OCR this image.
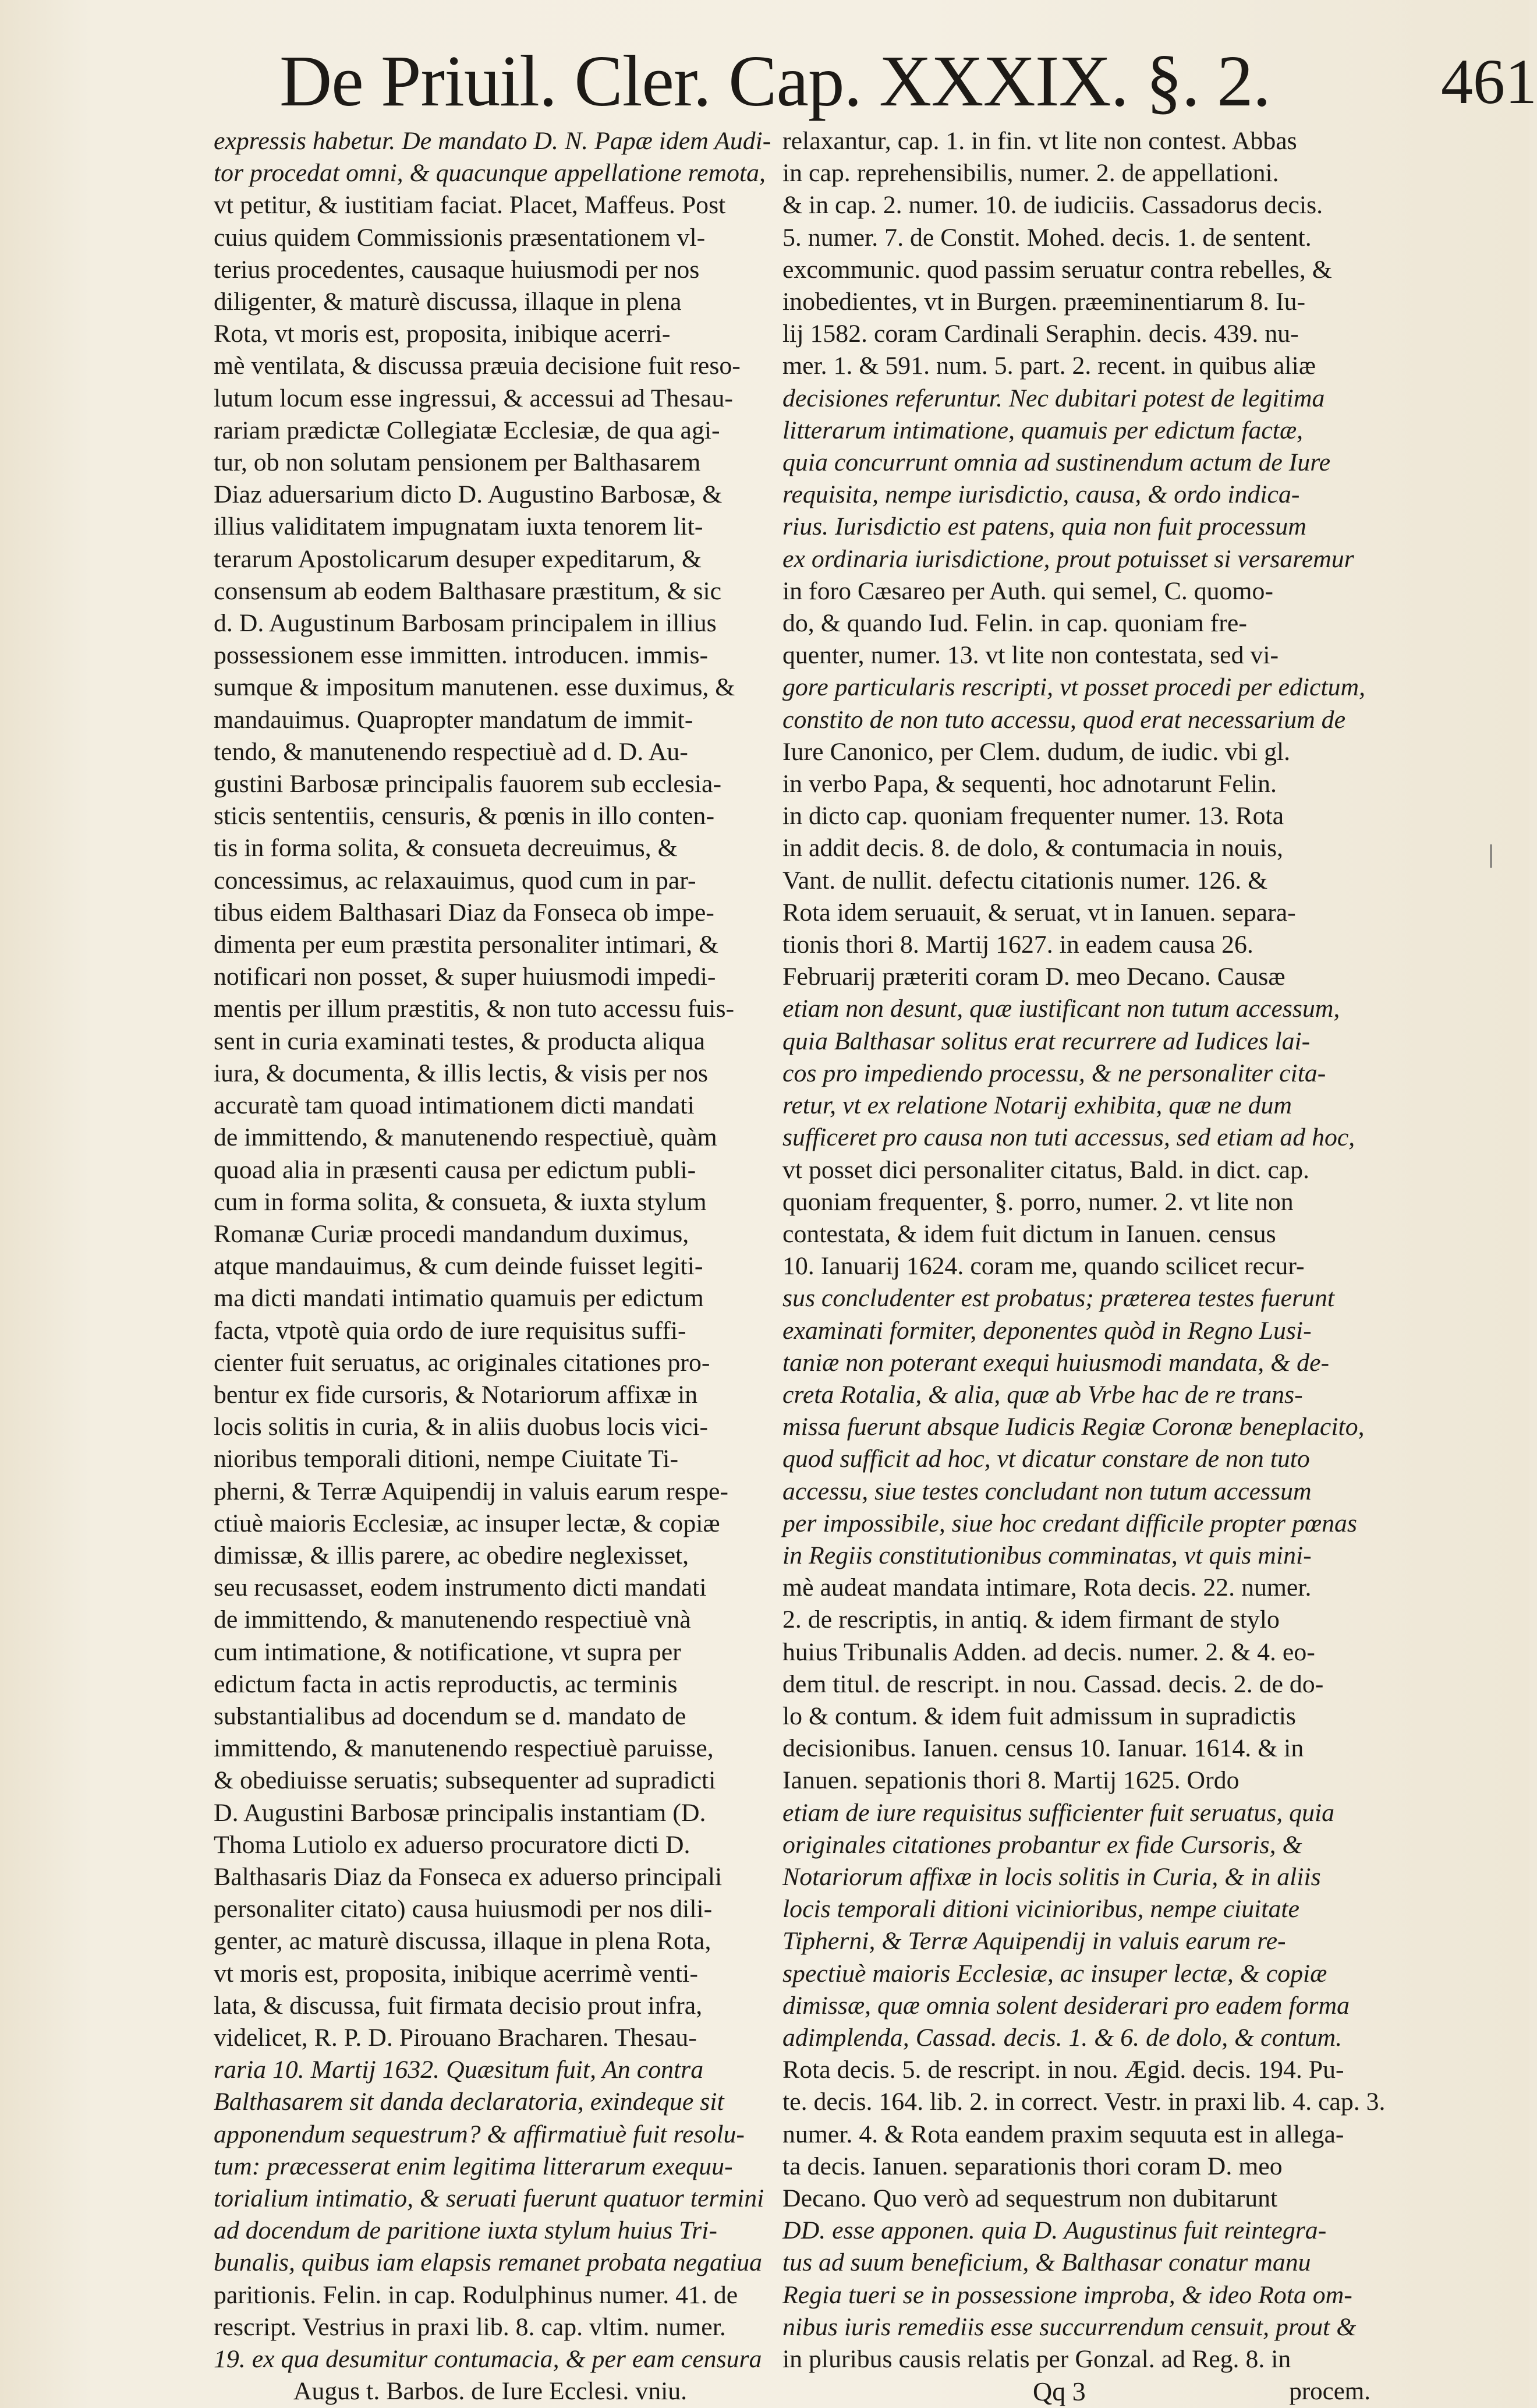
De Priuil. Cler. Cap. XXXIX. §. 2.	461
expressis habetur. De mandato D. N. Papæ idem Audi-
tor procedat omni, & quacunque appellatione remota,
vt petitur, & iustitiam faciat. Placet, Maffeus. Post
cuius quidem Commissionis præsentationem vl-
terius procedentes, causaque huiusmodi per nos
diligenter, & maturè discussa, illaque in plena
Rota, vt moris est, proposita, inibique acerri-
mè ventilata, & discussa præuia decisione fuit reso-
lutum locum esse ingressui, & accessui ad Thesau-
rariam prædictæ Collegiatæ Ecclesiæ, de qua agi-
tur, ob non solutam pensionem per Balthasarem
Diaz aduersarium dicto D. Augustino Barbosæ, &
illius validitatem impugnatam iuxta tenorem lit-
terarum Apostolicarum desuper expeditarum, &
consensum ab eodem Balthasare præstitum, & sic
d. D. Augustinum Barbosam principalem in illius
possessionem esse immitten. introducen. immis-
sumque & impositum manutenen. esse duximus, &
mandauimus. Quapropter mandatum de immit-
tendo, & manutenendo respectiuè ad d. D. Au-
gustini Barbosæ principalis fauorem sub ecclesia-
sticis sententiis, censuris, & pœnis in illo conten-
tis in forma solita, & consueta decreuimus, &
concessimus, ac relaxauimus, quod cum in par-
tibus eidem Balthasari Diaz da Fonseca ob impe-
dimenta per eum præstita personaliter intimari, &
notificari non posset, & super huiusmodi impedi-
mentis per illum præstitis, & non tuto accessu fuis-
sent in curia examinati testes, & producta aliqua
iura, & documenta, & illis lectis, & visis per nos
accuratè tam quoad intimationem dicti mandati
de immittendo, & manutenendo respectiuè, quàm
quoad alia in præsenti causa per edictum publi-
cum in forma solita, & consueta, & iuxta stylum
Romanæ Curiæ procedi mandandum duximus,
atque mandauimus, & cum deinde fuisset legiti-
ma dicti mandati intimatio quamuis per edictum
facta, vtpotè quia ordo de iure requisitus suffi-
cienter fuit seruatus, ac originales citationes pro-
bentur ex fide cursoris, & Notariorum affixæ in
locis solitis in curia, & in aliis duobus locis vici-
nioribus temporali ditioni, nempe Ciuitate Ti-
pherni, & Terræ Aquipendij in valuis earum respe-
ctiuè maioris Ecclesiæ, ac insuper lectæ, & copiæ
dimissæ, & illis parere, ac obedire neglexisset,
seu recusasset, eodem instrumento dicti mandati
de immittendo, & manutenendo respectiuè vnà
cum intimatione, & notificatione, vt supra per
edictum facta in actis reproductis, ac terminis
substantialibus ad docendum se d. mandato de
immittendo, & manutenendo respectiuè paruisse,
& obediuisse seruatis; subsequenter ad supradicti
D. Augustini Barbosæ principalis instantiam (D.
Thoma Lutiolo ex aduerso procuratore dicti D.
Balthasaris Diaz da Fonseca ex aduerso principali
personaliter citato) causa huiusmodi per nos dili-
genter, ac maturè discussa, illaque in plena Rota,
vt moris est, proposita, inibique acerrimè venti-
lata, & discussa, fuit firmata decisio prout infra,
videlicet, R. P. D. Pirouano Bracharen. Thesau-
raria 10. Martij 1632. Quæsitum fuit, An contra
Balthasarem sit danda declaratoria, exindeque sit
apponendum sequestrum? & affirmatiuè fuit resolu-
tum: præcesserat enim legitima litterarum exequu-
torialium intimatio, & seruati fuerunt quatuor termini
ad docendum de paritione iuxta stylum huius Tri-
bunalis, quibus iam elapsis remanet probata negatiua
paritionis. Felin. in cap. Rodulphinus numer. 41. de
rescript. Vestrius in praxi lib. 8. cap. vltim. numer.
19. ex qua desumitur contumacia, & per eam censura
Augus t. Barbos. de Iure Ecclesi. vniu.
relaxantur, cap. 1. in fin. vt lite non contest. Abbas
in cap. reprehensibilis, numer. 2. de appellationi.
& in cap. 2. numer. 10. de iudiciis. Cassadorus decis.
5. numer. 7. de Constit. Mohed. decis. 1. de sentent.
excommunic. quod passim seruatur contra rebelles, &
inobedientes, vt in Burgen. præeminentiarum 8. Iu-
lij 1582. coram Cardinali Seraphin. decis. 439. nu-
mer. 1. & 591. num. 5. part. 2. recent. in quibus aliæ
decisiones referuntur. Nec dubitari potest de legitima
litterarum intimatione, quamuis per edictum factæ,
quia concurrunt omnia ad sustinendum actum de Iure
requisita, nempe iurisdictio, causa, & ordo indica-
rius. Iurisdictio est patens, quia non fuit processum
ex ordinaria iurisdictione, prout potuisset si versaremur
in foro Cæsareo per Auth. qui semel, C. quomo-
do, & quando Iud. Felin. in cap. quoniam fre-
quenter, numer. 13. vt lite non contestata, sed vi-
gore particularis rescripti, vt posset procedi per edictum,
constito de non tuto accessu, quod erat necessarium de
Iure Canonico, per Clem. dudum, de iudic. vbi gl.
in verbo Papa, & sequenti, hoc adnotarunt Felin.
in dicto cap. quoniam frequenter numer. 13. Rota
in addit decis. 8. de dolo, & contumacia in nouis,
Vant. de nullit. defectu citationis numer. 126. &
Rota idem seruauit, & seruat, vt in Ianuen. separa-
tionis thori 8. Martij 1627. in eadem causa 26.
Februarij præteriti coram D. meo Decano. Causæ
etiam non desunt, quæ iustificant non tutum accessum,
quia Balthasar solitus erat recurrere ad Iudices lai-
cos pro impediendo processu, & ne personaliter cita-
retur, vt ex relatione Notarij exhibita, quæ ne dum
sufficeret pro causa non tuti accessus, sed etiam ad hoc,
vt posset dici personaliter citatus, Bald. in dict. cap.
quoniam frequenter, §. porro, numer. 2. vt lite non
contestata, & idem fuit dictum in Ianuen. census
10. Ianuarij 1624. coram me, quando scilicet recur-
sus concludenter est probatus; præterea testes fuerunt
examinati formiter, deponentes quòd in Regno Lusi-
taniæ non poterant exequi huiusmodi mandata, & de-
creta Rotalia, & alia, quæ ab Vrbe hac de re trans-
missa fuerunt absque Iudicis Regiæ Coronæ beneplacito,
quod sufficit ad hoc, vt dicatur constare de non tuto
accessu, siue testes concludant non tutum accessum
per impossibile, siue hoc credant difficile propter pœnas
in Regiis constitutionibus comminatas, vt quis mini-
mè audeat mandata intimare, Rota decis. 22. numer.
2. de rescriptis, in antiq. & idem firmant de stylo
huius Tribunalis Adden. ad decis. numer. 2. & 4. eo-
dem titul. de rescript. in nou. Cassad. decis. 2. de do-
lo & contum. & idem fuit admissum in supradictis
decisionibus. Ianuen. census 10. Ianuar. 1614. & in
Ianuen. sepationis thori 8. Martij 1625. Ordo
etiam de iure requisitus sufficienter fuit seruatus, quia
originales citationes probantur ex fide Cursoris, &
Notariorum affixæ in locis solitis in Curia, & in aliis
locis temporali ditioni vicinioribus, nempe ciuitate
Tipherni, & Terræ Aquipendij in valuis earum re-
spectiuè maioris Ecclesiæ, ac insuper lectæ, & copiæ
dimissæ, quæ omnia solent desiderari pro eadem forma
adimplenda, Cassad. decis. 1. & 6. de dolo, & contum.
Rota decis. 5. de rescript. in nou. Ægid. decis. 194. Pu-
te. decis. 164. lib. 2. in correct. Vestr. in praxi lib. 4. cap. 3.
numer. 4. & Rota eandem praxim sequuta est in allega-
ta decis. Ianuen. separationis thori coram D. meo
Decano. Quo verò ad sequestrum non dubitarunt
DD. esse apponen. quia D. Augustinus fuit reintegra-
tus ad suum beneficium, & Balthasar conatur manu
Regia tueri se in possessione improba, & ideo Rota om-
nibus iuris remediis esse succurrendum censuit, prout &
in pluribus causis relatis per Gonzal. ad Reg. 8. in
Qq 3	procem.
